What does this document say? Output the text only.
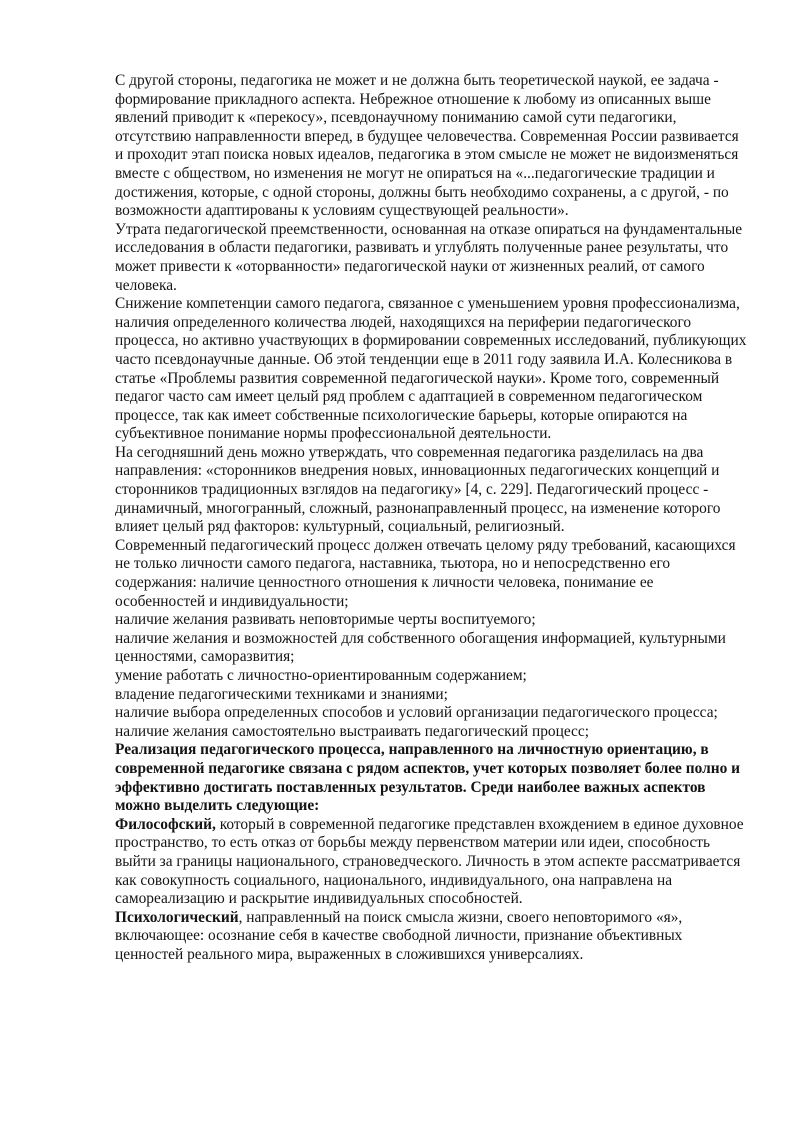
С другой стороны, педагогика не может и не должна быть теоретической наукой, ее задача - формирование прикладного аспекта. Небрежное отношение к любому из описанных выше явлений приводит к «перекосу», псевдонаучному пониманию самой сути педагогики, отсутствию направленности вперед, в будущее человечества. Современная России развивается и проходит этап поиска новых идеалов, педагогика в этом смысле не может не видоизменяться вместе с обществом, но изменения не могут не опираться на «...педагогические традиции и достижения, которые, с одной стороны, должны быть необходимо сохранены, а с другой, - по возможности адаптированы к условиям существующей реальности».

Утрата педагогической преемственности, основанная на отказе опираться на фундаментальные исследования в области педагогики, развивать и углублять полученные ранее результаты, что может привести к «оторванности» педагогической науки от жизненных реалий, от самого человека.

Снижение компетенции самого педагога, связанное с уменьшением уровня профессионализма, наличия определенного количества людей, находящихся на периферии педагогического процесса, но активно участвующих в формировании современных исследований, публикующих часто псевдонаучные данные. Об этой тенденции еще в 2011 году заявила И.А. Колесникова в статье «Проблемы развития современной педагогической науки». Кроме того, современный педагог часто сам имеет целый ряд проблем с адаптацией в современном педагогическом процессе, так как имеет собственные психологические барьеры, которые опираются на субъективное понимание нормы профессиональной деятельности.

На сегодняшний день можно утверждать, что современная педагогика разделилась на два направления: «сторонников внедрения новых, инновационных педагогических концепций и сторонников традиционных взглядов на педагогику» [4, с. 229]. Педагогический процесс - динамичный, многогранный, сложный, разнонаправленный процесс, на изменение которого влияет целый ряд факторов: культурный, социальный, религиозный.

Современный педагогический процесс должен отвечать целому ряду требований, касающихся не только личности самого педагога, наставника, тьютора, но и непосредственно его содержания: наличие ценностного отношения к личности человека, понимание ее особенностей и индивидуальности;

наличие желания развивать неповторимые черты воспитуемого;

наличие желания и возможностей для собственного обогащения информацией, культурными ценностями, саморазвития;

умение работать с личностно-ориентированным содержанием;

владение педагогическими техниками и знаниями;

наличие выбора определенных способов и условий организации педагогического процесса;

наличие желания самостоятельно выстраивать педагогический процесс;

Реализация педагогического процесса, направленного на личностную ориентацию, в современной педагогике связана с рядом аспектов, учет которых позволяет более полно и эффективно достигать поставленных результатов. Среди наиболее важных аспектов можно выделить следующие:

Философский, который в современной педагогике представлен вхождением в единое духовное пространство, то есть отказ от борьбы между первенством материи или идеи, способность выйти за границы национального, страноведческого. Личность в этом аспекте рассматривается как совокупность социального, национального, индивидуального, она направлена на самореализацию и раскрытие индивидуальных способностей.

Психологический, направленный на поиск смысла жизни, своего неповторимого «я», включающее: осознание себя в качестве свободной личности, признание объективных ценностей реального мира, выраженных в сложившихся универсалиях.
